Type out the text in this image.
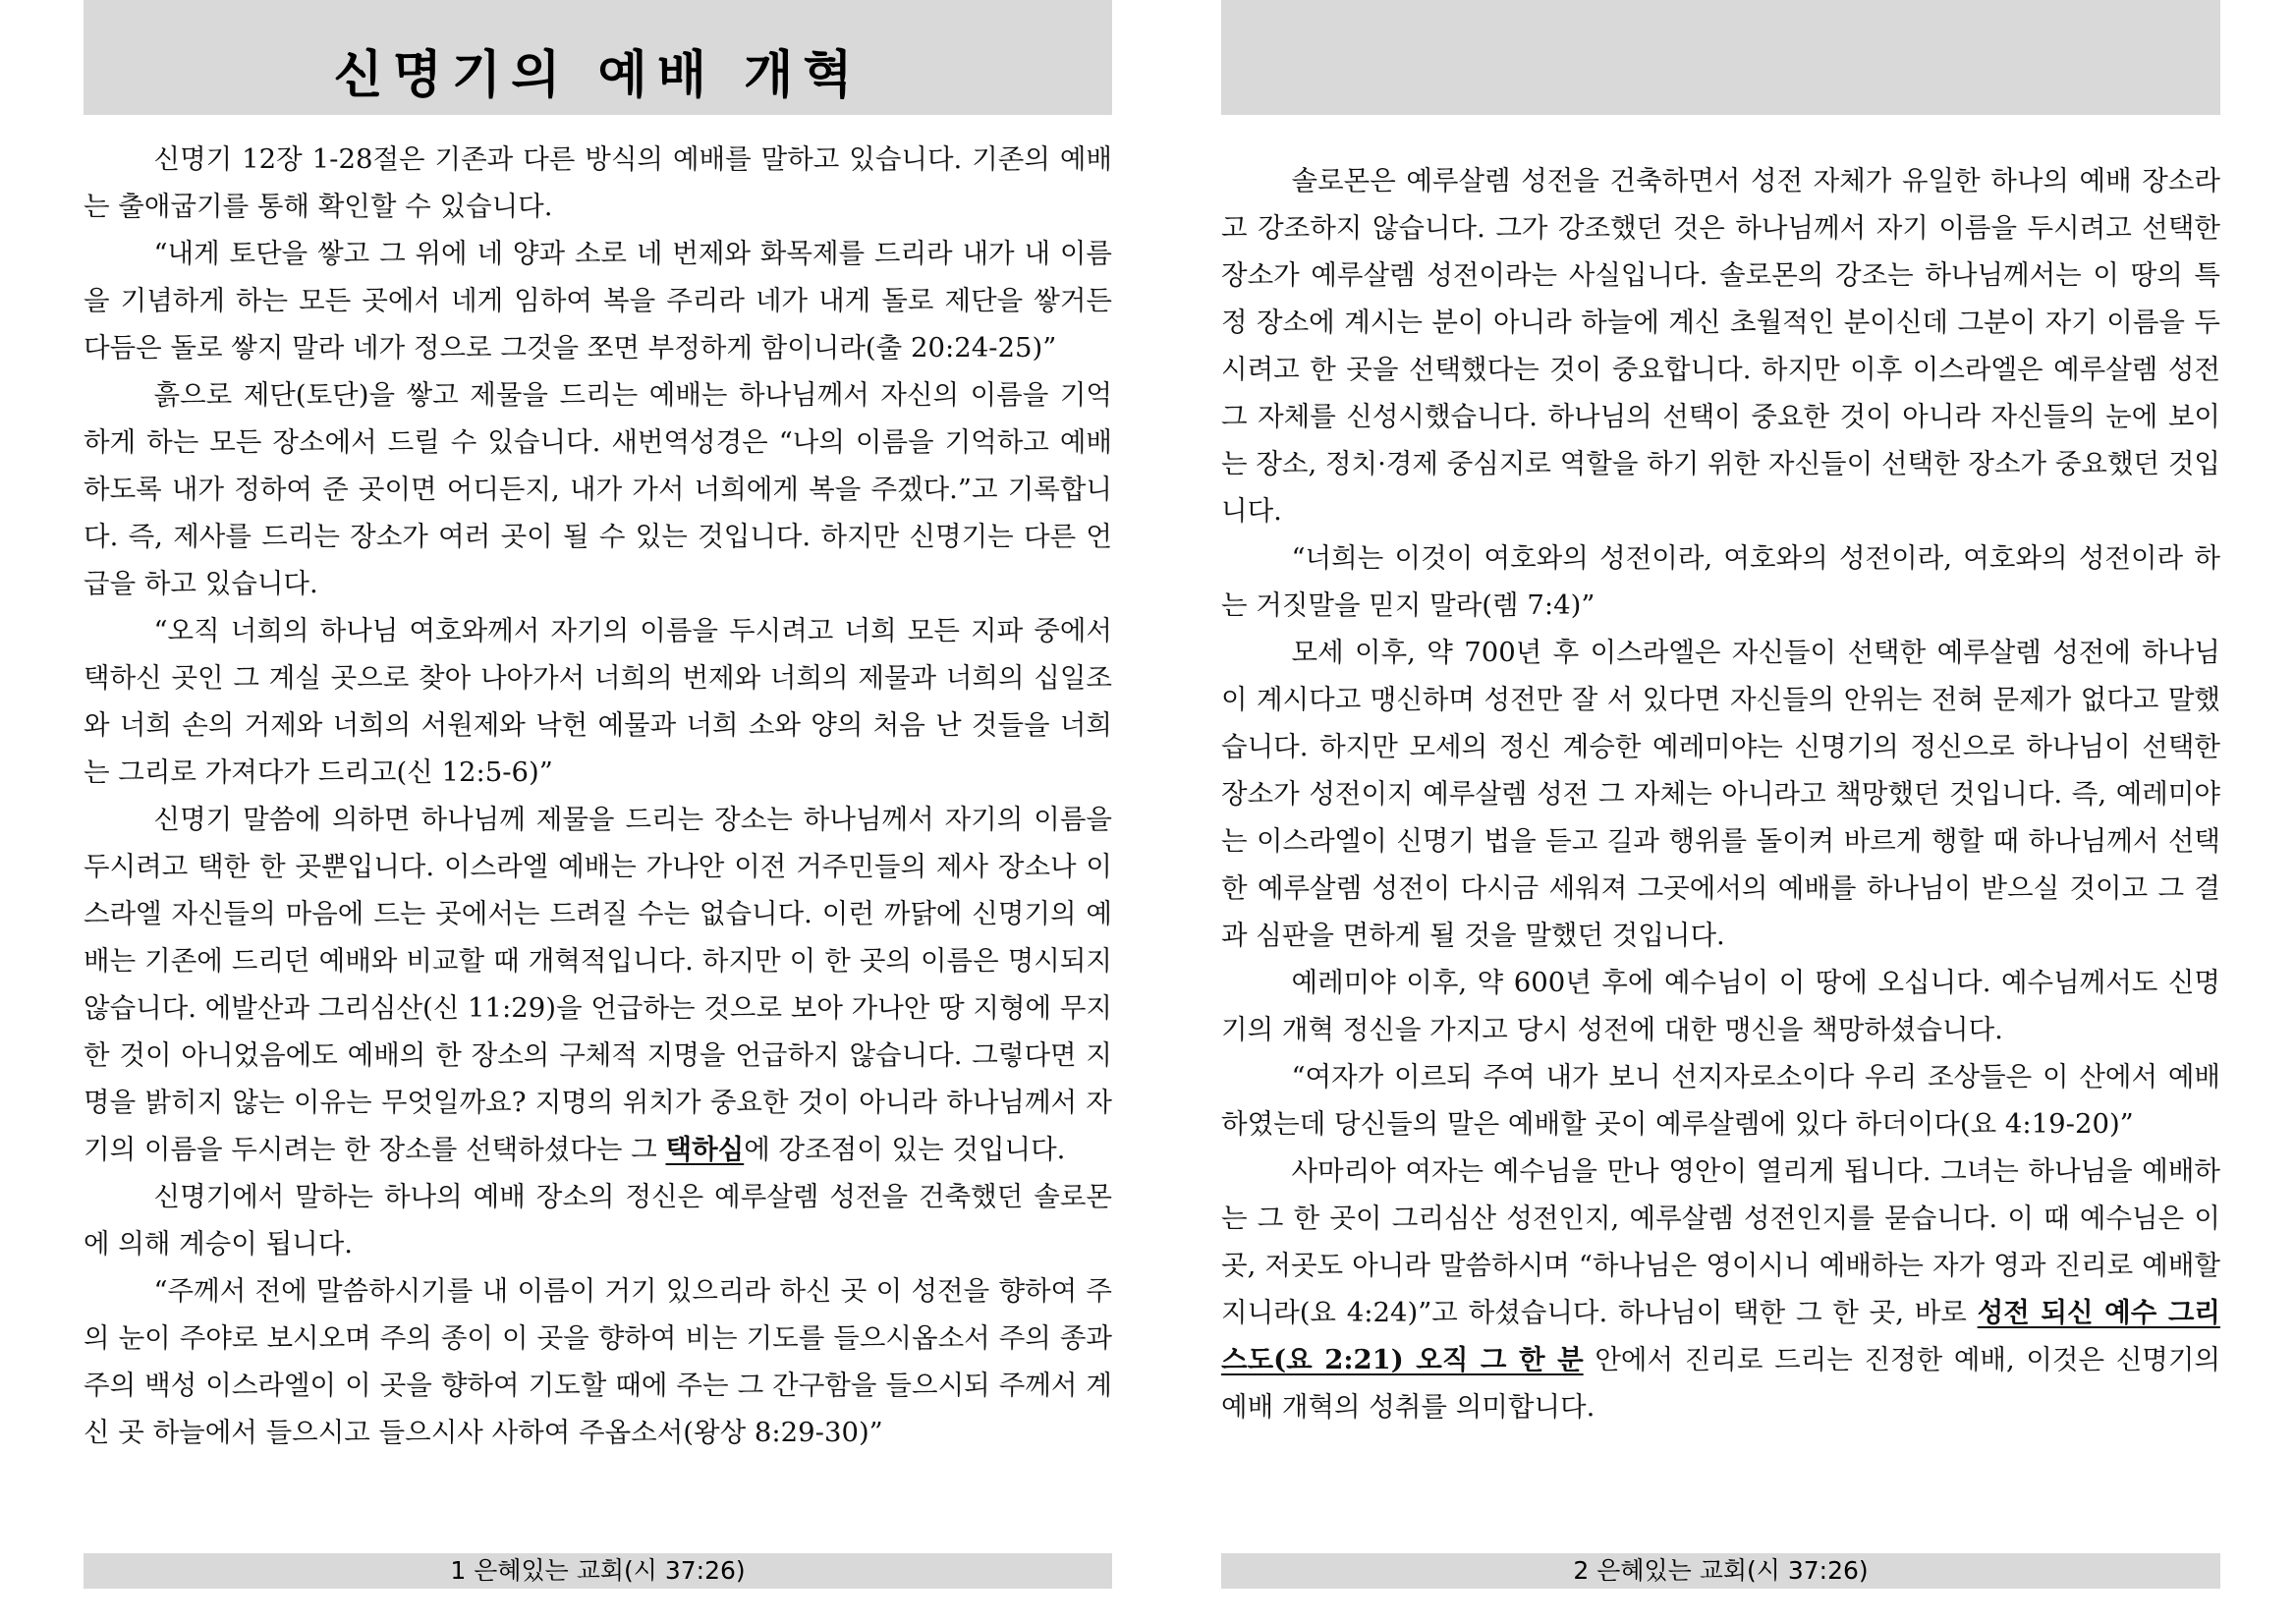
신명기의 예배 개혁

신명기 12장 1-28절은 기존과 다른 방식의 예배를 말하고 있습니다. 기존의 예배는 출애굽기를 통해 확인할 수 있습니다.

“내게 토단을 쌓고 그 위에 네 양과 소로 네 번제와 화목제를 드리라 내가 내 이름을 기념하게 하는 모든 곳에서 네게 임하여 복을 주리라 네가 내게 돌로 제단을 쌓거든 다듬은 돌로 쌓지 말라 네가 정으로 그것을 쪼면 부정하게 함이니라(출 20:24-25)”

흙으로 제단(토단)을 쌓고 제물을 드리는 예배는 하나님께서 자신의 이름을 기억하게 하는 모든 장소에서 드릴 수 있습니다. 새번역성경은 “나의 이름을 기억하고 예배하도록 내가 정하여 준 곳이면 어디든지, 내가 가서 너희에게 복을 주겠다.”고 기록합니다. 즉, 제사를 드리는 장소가 여러 곳이 될 수 있는 것입니다. 하지만 신명기는 다른 언급을 하고 있습니다.

“오직 너희의 하나님 여호와께서 자기의 이름을 두시려고 너희 모든 지파 중에서 택하신 곳인 그 계실 곳으로 찾아 나아가서 너희의 번제와 너희의 제물과 너희의 십일조와 너희 손의 거제와 너희의 서원제와 낙헌 예물과 너희 소와 양의 처음 난 것들을 너희는 그리로 가져다가 드리고(신 12:5-6)”

신명기 말씀에 의하면 하나님께 제물을 드리는 장소는 하나님께서 자기의 이름을 두시려고 택한 한 곳뿐입니다. 이스라엘 예배는 가나안 이전 거주민들의 제사 장소나 이스라엘 자신들의 마음에 드는 곳에서는 드려질 수는 없습니다. 이런 까닭에 신명기의 예배는 기존에 드리던 예배와 비교할 때 개혁적입니다. 하지만 이 한 곳의 이름은 명시되지 않습니다. 에발산과 그리심산(신 11:29)을 언급하는 것으로 보아 가나안 땅 지형에 무지한 것이 아니었음에도 예배의 한 장소의 구체적 지명을 언급하지 않습니다. 그렇다면 지명을 밝히지 않는 이유는 무엇일까요? 지명의 위치가 중요한 것이 아니라 하나님께서 자기의 이름을 두시려는 한 장소를 선택하셨다는 그 택하심에 강조점이 있는 것입니다.

신명기에서 말하는 하나의 예배 장소의 정신은 예루살렘 성전을 건축했던 솔로몬에 의해 계승이 됩니다.

“주께서 전에 말씀하시기를 내 이름이 거기 있으리라 하신 곳 이 성전을 향하여 주의 눈이 주야로 보시오며 주의 종이 이 곳을 향하여 비는 기도를 들으시옵소서 주의 종과 주의 백성 이스라엘이 이 곳을 향하여 기도할 때에 주는 그 간구함을 들으시되 주께서 계신 곳 하늘에서 들으시고 들으시사 사하여 주옵소서(왕상 8:29-30)”

1 은혜있는 교회(시 37:26)

솔로몬은 예루살렘 성전을 건축하면서 성전 자체가 유일한 하나의 예배 장소라고 강조하지 않습니다. 그가 강조했던 것은 하나님께서 자기 이름을 두시려고 선택한 장소가 예루살렘 성전이라는 사실입니다. 솔로몬의 강조는 하나님께서는 이 땅의 특정 장소에 계시는 분이 아니라 하늘에 계신 초월적인 분이신데 그분이 자기 이름을 두시려고 한 곳을 선택했다는 것이 중요합니다. 하지만 이후 이스라엘은 예루살렘 성전 그 자체를 신성시했습니다. 하나님의 선택이 중요한 것이 아니라 자신들의 눈에 보이는 장소, 정치·경제 중심지로 역할을 하기 위한 자신들이 선택한 장소가 중요했던 것입니다.

“너희는 이것이 여호와의 성전이라, 여호와의 성전이라, 여호와의 성전이라 하는 거짓말을 믿지 말라(렘 7:4)”

모세 이후, 약 700년 후 이스라엘은 자신들이 선택한 예루살렘 성전에 하나님이 계시다고 맹신하며 성전만 잘 서 있다면 자신들의 안위는 전혀 문제가 없다고 말했습니다. 하지만 모세의 정신 계승한 예레미야는 신명기의 정신으로 하나님이 선택한 장소가 성전이지 예루살렘 성전 그 자체는 아니라고 책망했던 것입니다. 즉, 예레미야는 이스라엘이 신명기 법을 듣고 길과 행위를 돌이켜 바르게 행할 때 하나님께서 선택한 예루살렘 성전이 다시금 세워져 그곳에서의 예배를 하나님이 받으실 것이고 그 결과 심판을 면하게 될 것을 말했던 것입니다.

예레미야 이후, 약 600년 후에 예수님이 이 땅에 오십니다. 예수님께서도 신명기의 개혁 정신을 가지고 당시 성전에 대한 맹신을 책망하셨습니다.

“여자가 이르되 주여 내가 보니 선지자로소이다 우리 조상들은 이 산에서 예배하였는데 당신들의 말은 예배할 곳이 예루살렘에 있다 하더이다(요 4:19-20)”

사마리아 여자는 예수님을 만나 영안이 열리게 됩니다. 그녀는 하나님을 예배하는 그 한 곳이 그리심산 성전인지, 예루살렘 성전인지를 묻습니다. 이 때 예수님은 이곳, 저곳도 아니라 말씀하시며 “하나님은 영이시니 예배하는 자가 영과 진리로 예배할지니라(요 4:24)”고 하셨습니다. 하나님이 택한 그 한 곳, 바로 성전 되신 예수 그리스도(요 2:21) 오직 그 한 분 안에서 진리로 드리는 진정한 예배, 이것은 신명기의 예배 개혁의 성취를 의미합니다.

2 은혜있는 교회(시 37:26)
